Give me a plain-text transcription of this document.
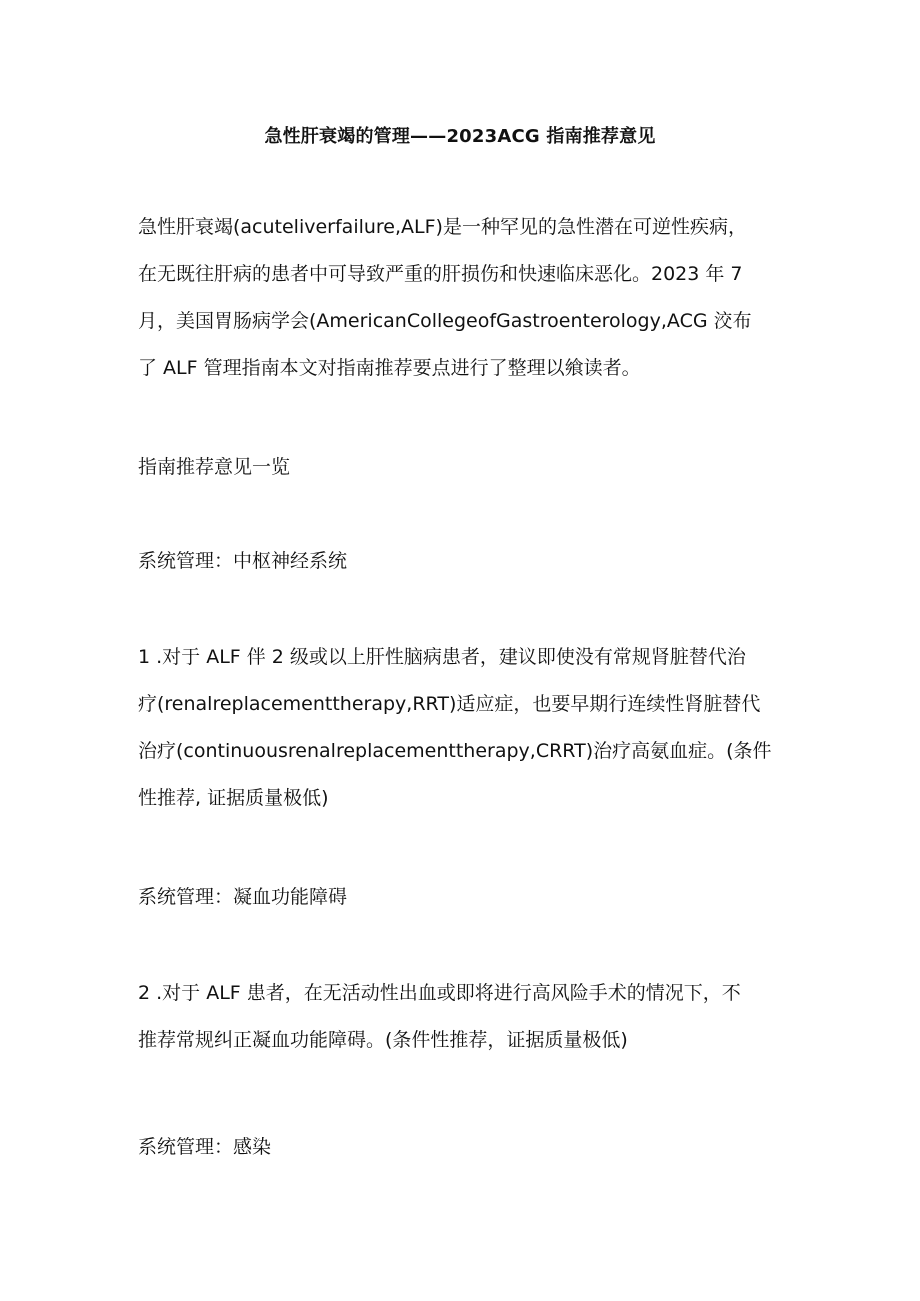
急性肝衰竭的管理——2023ACG 指南推荐意见
急性肝衰竭(acuteliverfailure,ALF)是一种罕见的急性潜在可逆性疾病，
在无既往肝病的患者中可导致严重的肝损伤和快速临床恶化。2023 年 7
月，美国胃肠病学会(AmericanCollegeofGastroenterology,ACG 洨布
了 ALF 管理指南本文对指南推荐要点进行了整理以飨读者。
指南推荐意见一览
系统管理：中枢神经系统
1 .对于 ALF 伴 2 级或以上肝性脑病患者，建议即使没有常规肾脏替代治
疗(renalreplacementtherapy,RRT)适应症，也要早期行连续性肾脏替代
治疗(continuousrenalreplacementtherapy,CRRT)治疗高氨血症。(条件
性推荐, 证据质量极低)
系统管理：凝血功能障碍
2 .对于 ALF 患者，在无活动性出血或即将进行高风险手术的情况下，不
推荐常规纠正凝血功能障碍。(条件性推荐，证据质量极低)
系统管理：感染
